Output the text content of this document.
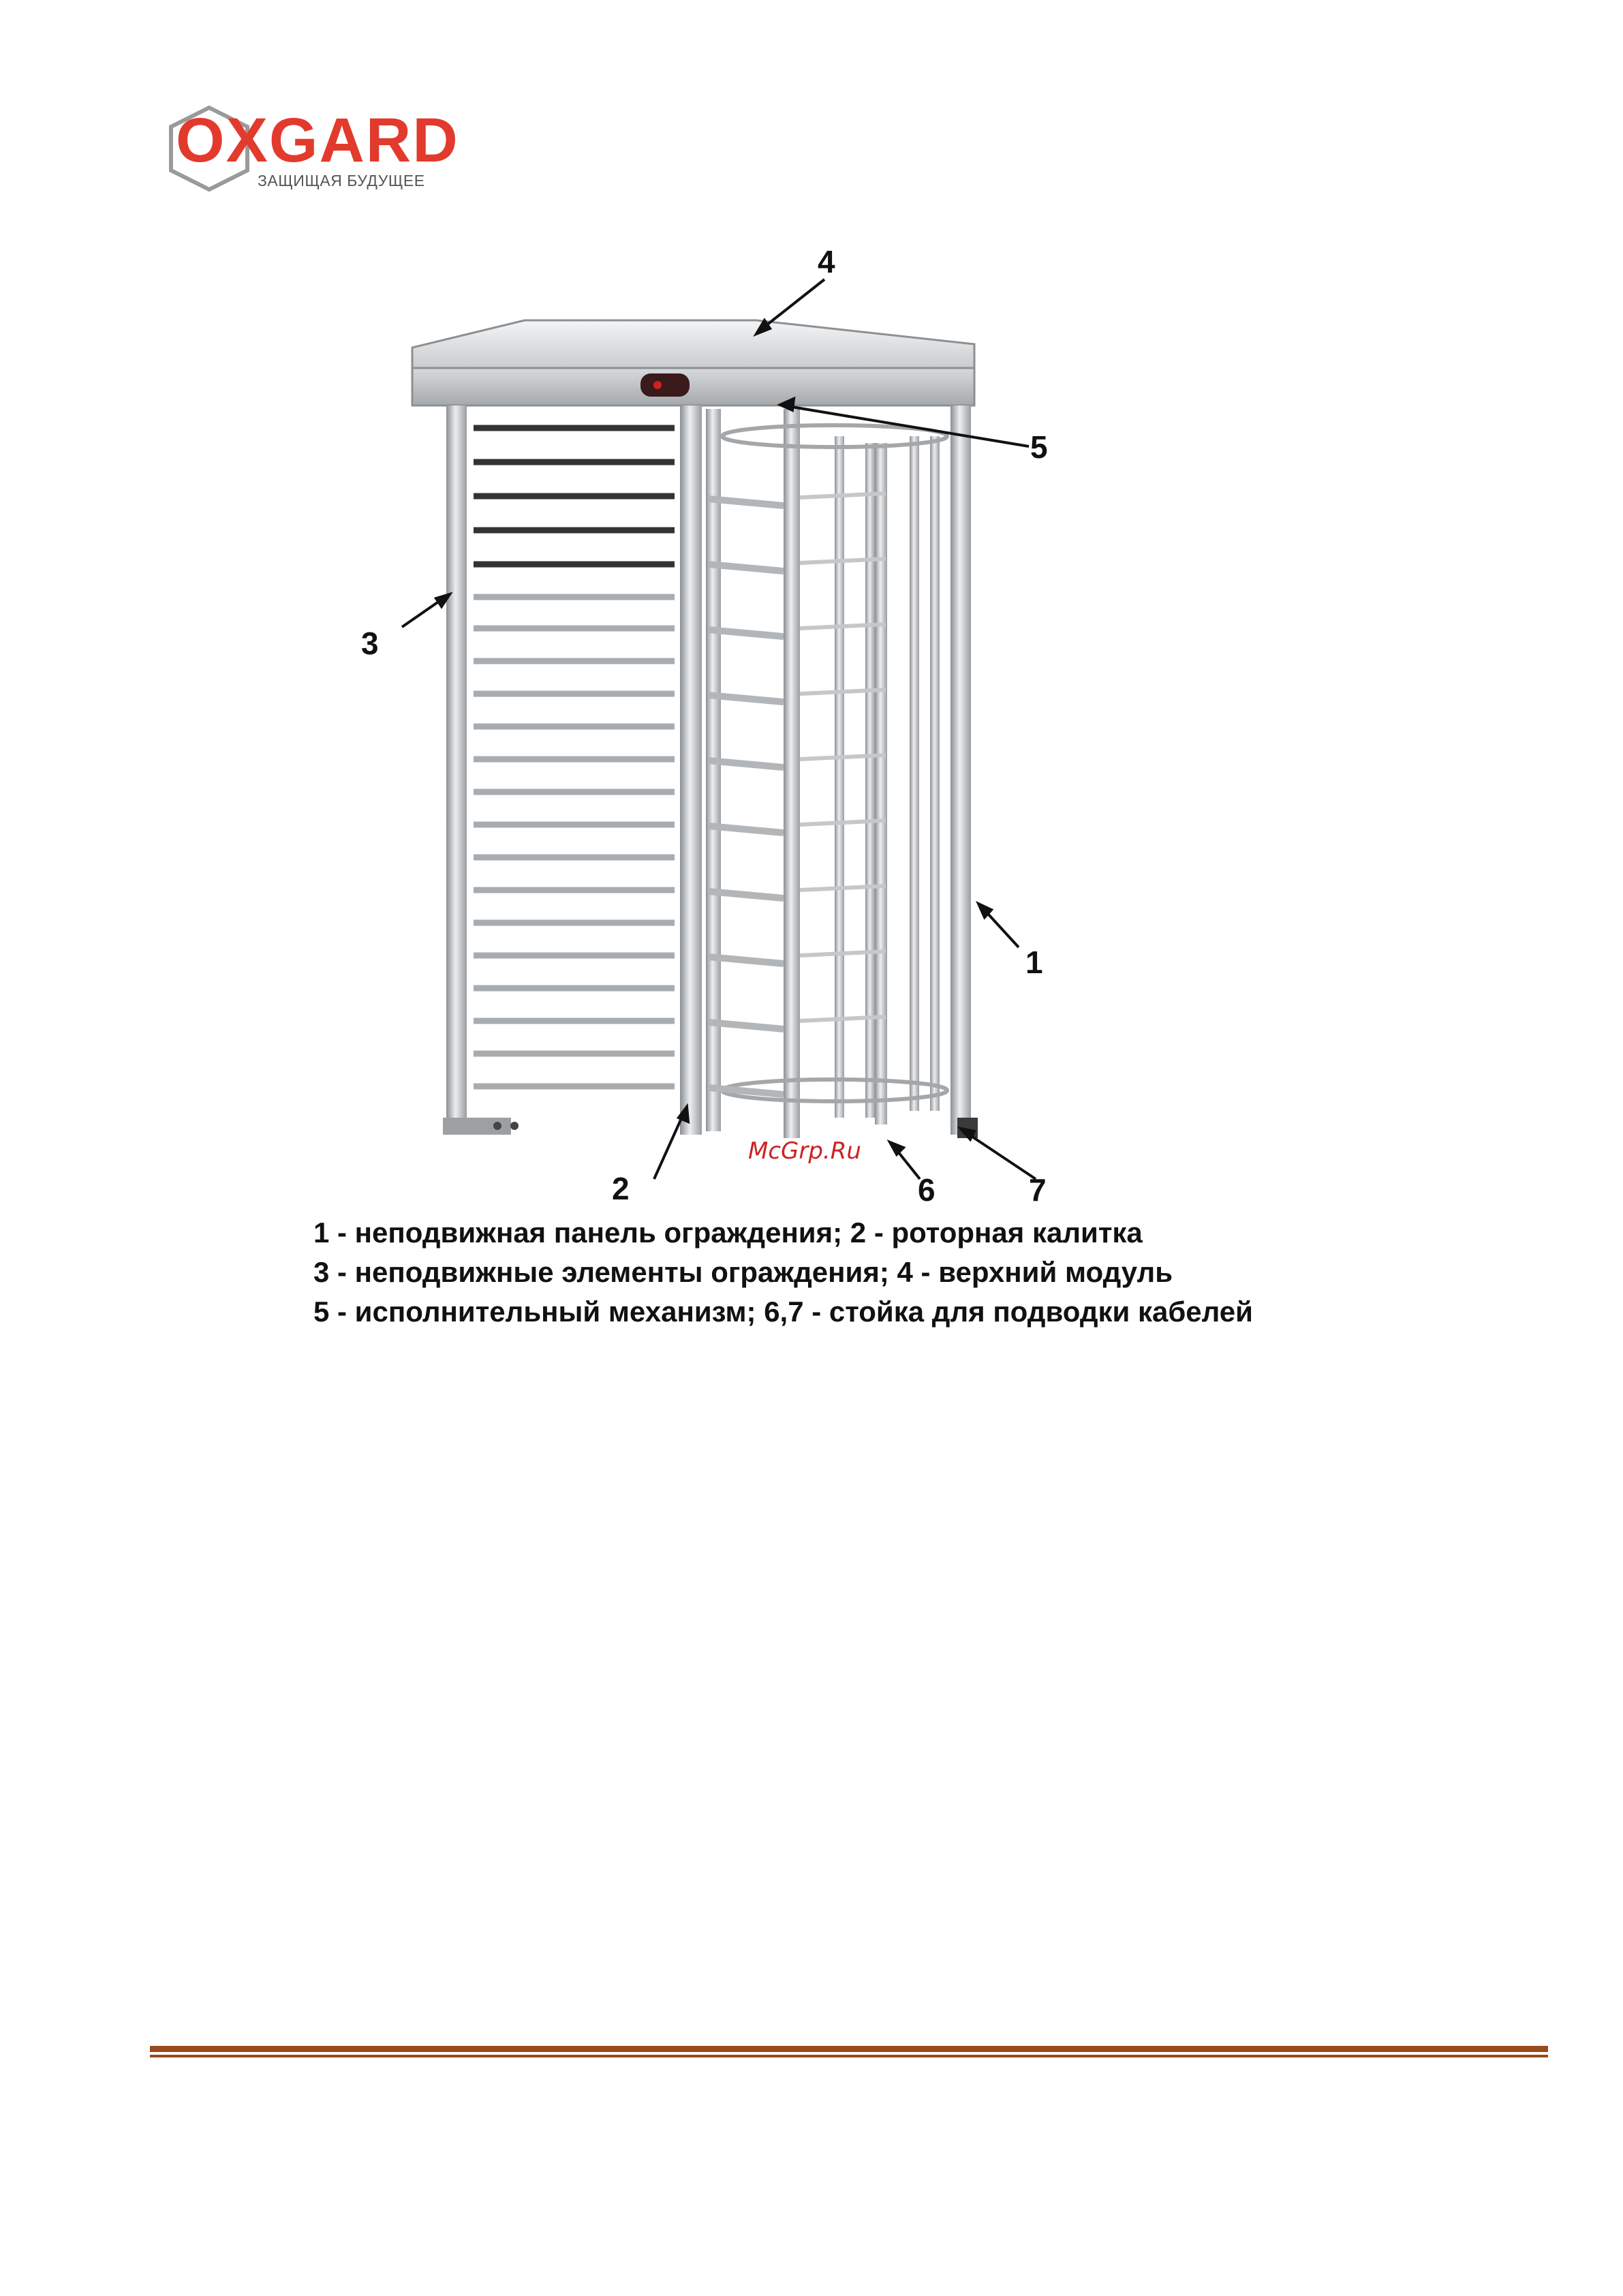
OXGARD
ЗАЩИЩАЯ БУДУЩЕЕ
4
5
3
1
2	6	7
McGrp.Ru
1 - неподвижная панель ограждения; 2 - роторная калитка
3 - неподвижные элементы ограждения; 4 - верхний модуль
5 - исполнительный механизм; 6,7 - стойка для подводки кабелей
